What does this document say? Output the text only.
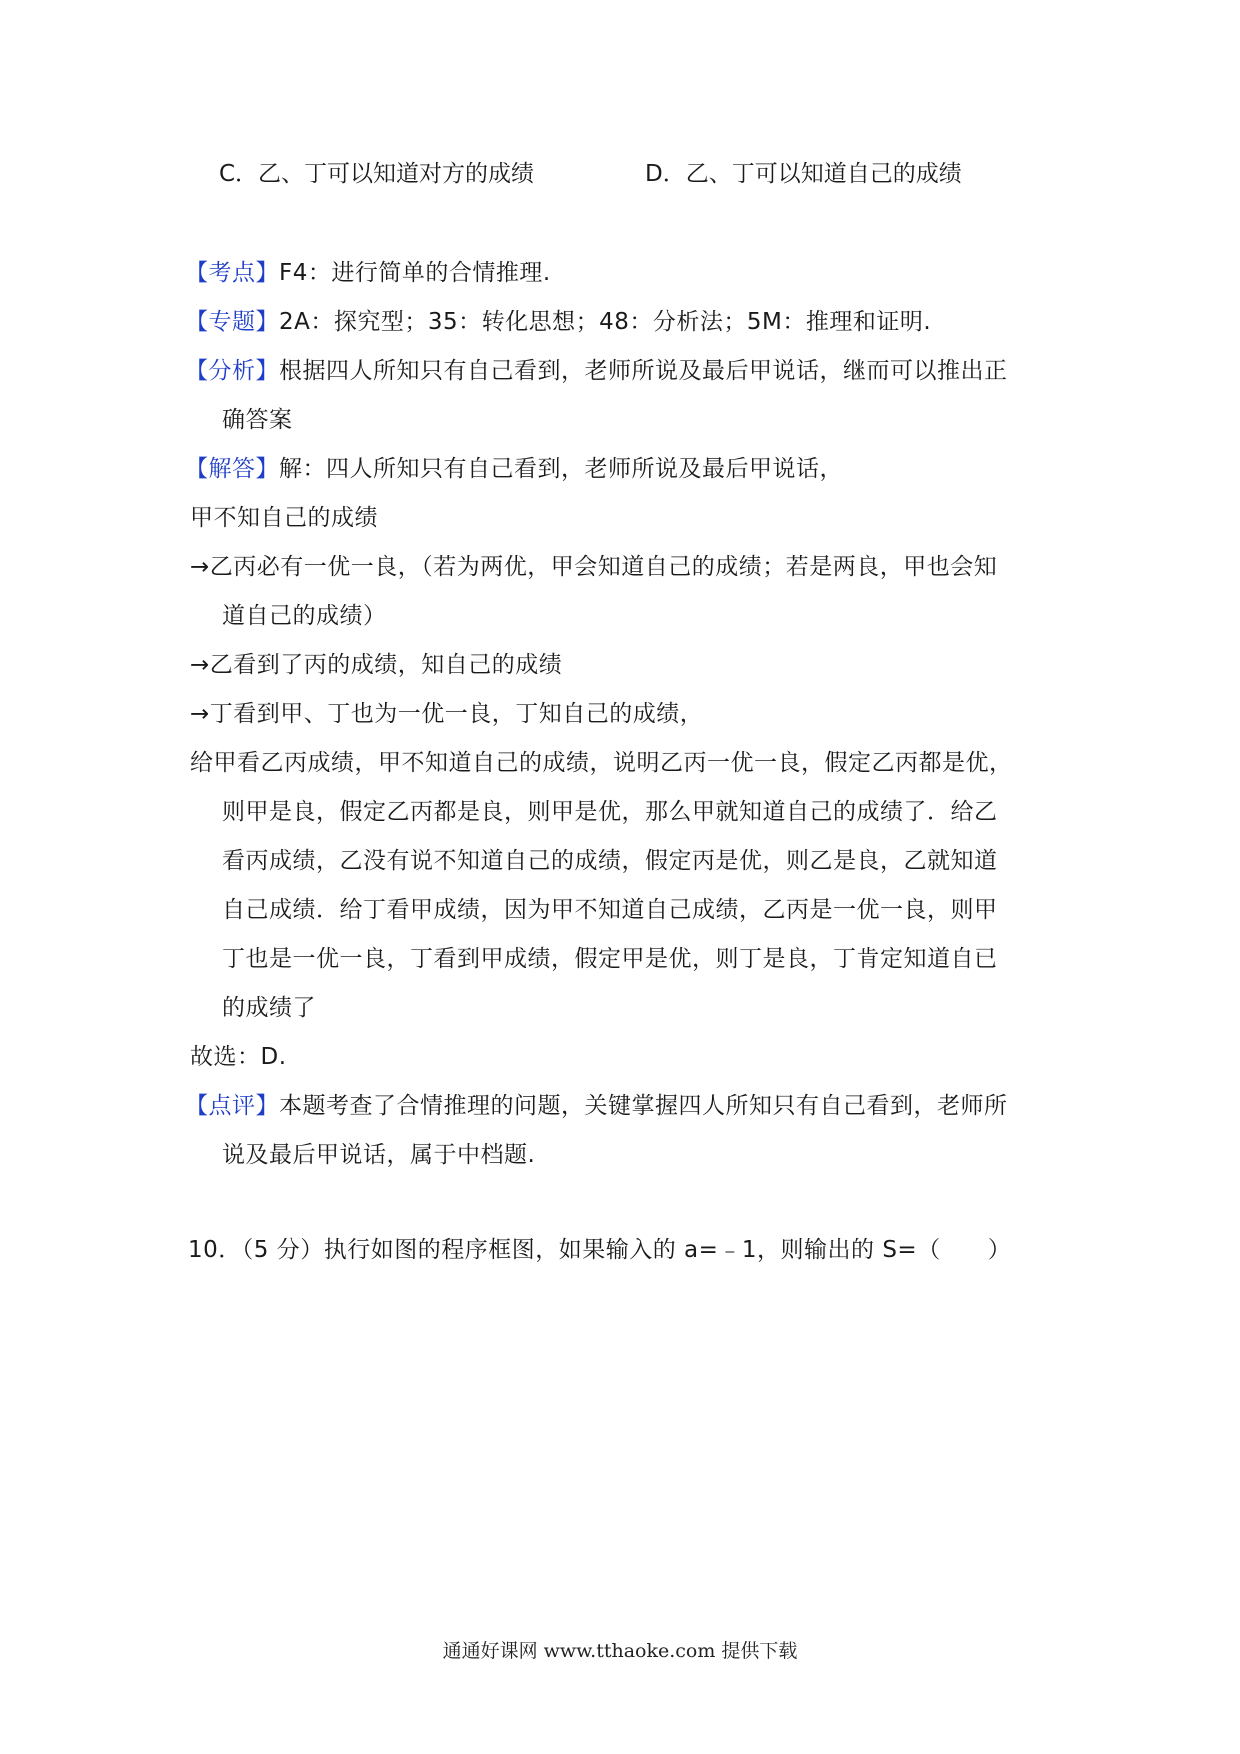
C．乙、丁可以知道对方的成绩	D．乙、丁可以知道自己的成绩
【考点】F4：进行简单的合情推理.
【专题】2A：探究型；35：转化思想；48：分析法；5M：推理和证明.
【分析】根据四人所知只有自己看到，老师所说及最后甲说话，继而可以推出正
确答案
【解答】解：四人所知只有自己看到，老师所说及最后甲说话，
甲不知自己的成绩
→乙丙必有一优一良，（若为两优，甲会知道自己的成绩；若是两良，甲也会知
道自己的成绩）
→乙看到了丙的成绩，知自己的成绩
→丁看到甲、丁也为一优一良，丁知自己的成绩，
给甲看乙丙成绩，甲不知道自己的成绩，说明乙丙一优一良，假定乙丙都是优，
则甲是良，假定乙丙都是良，则甲是优，那么甲就知道自己的成绩了．给乙
看丙成绩，乙没有说不知道自己的成绩，假定丙是优，则乙是良，乙就知道
自己成绩．给丁看甲成绩，因为甲不知道自己成绩，乙丙是一优一良，则甲
丁也是一优一良，丁看到甲成绩，假定甲是优，则丁是良，丁肯定知道自已
的成绩了
故选：D.
【点评】本题考查了合情推理的问题，关键掌握四人所知只有自己看到，老师所
说及最后甲说话，属于中档题.
10．（5 分）执行如图的程序框图，如果输入的 a=﹣1，则输出的 S=（　　）
通通好课网 www.tthaoke.com 提供下载
